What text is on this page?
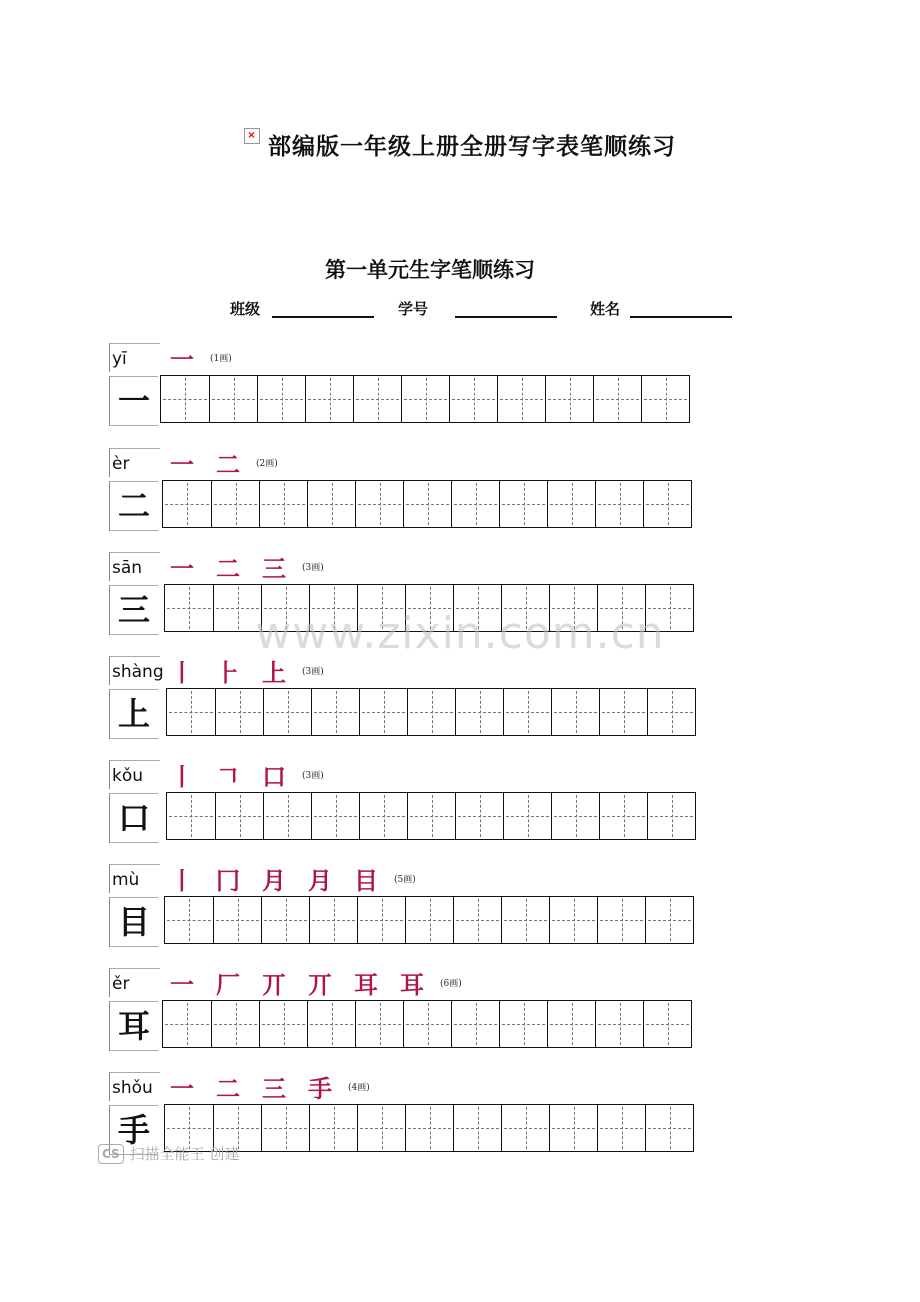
× 部编版一年级上册全册写字表笔顺练习
第一单元生字笔顺练习
班级	学号	姓名
yī
一
一 (1画)
èr
二
一 二 (2画)
sān
三
一 二 三 (3画)
shàng
上
丨 ⺊ 上 (3画)
kǒu
口
丨 𠃍 口 (3画)
mù
目
丨 冂 月 月 目 (5画)
ěr
耳
一 厂 丌 丌 耳 耳 (6画)
shǒu
手
一 二 三 手 (4画)
www.zixin.com.cn
CS 扫描全能王 创建
